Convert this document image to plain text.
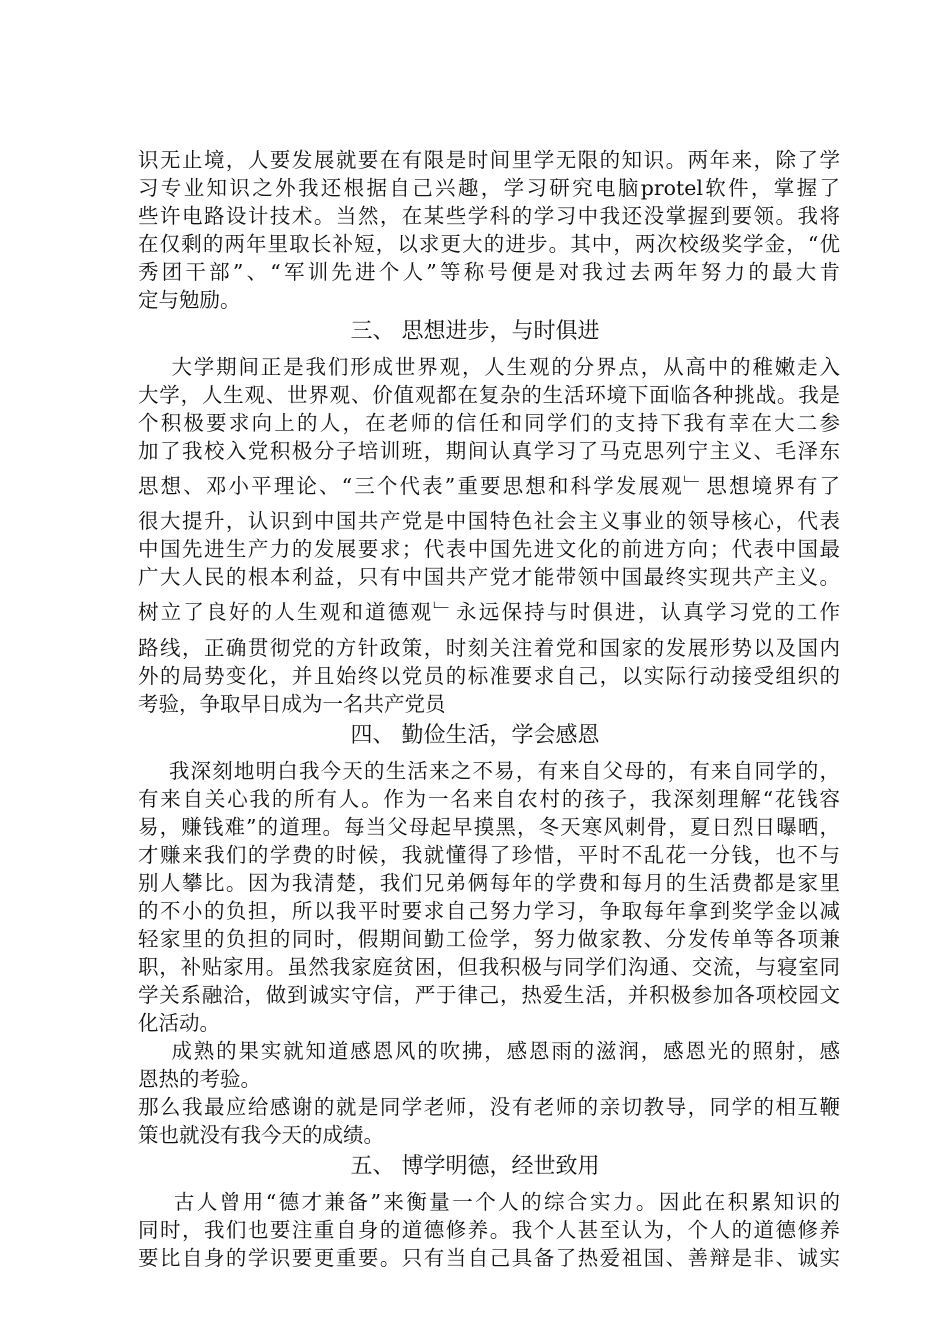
识无止境，人要发展就要在有限是时间里学无限的知识。两年来，除了学
习专业知识之外我还根据自己兴趣，学习研究电脑protel软件，掌握了
些许电路设计技术。当然，在某些学科的学习中我还没掌握到要领。我将
在仅剩的两年里取长补短，以求更大的进步。其中，两次校级奖学金，“优
秀团干部”、“军训先进个人”等称号便是对我过去两年努力的最大肯
定与勉励。
三、 思想进步，与时俱进
大学期间正是我们形成世界观，人生观的分界点，从高中的稚嫩走入
大学，人生观、世界观、价值观都在复杂的生活环境下面临各种挑战。我是
个积极要求向上的人，在老师的信任和同学们的支持下我有幸在大二参
加了我校入党积极分子培训班，期间认真学习了马克思列宁主义、毛泽东
思想、邓小平理论、“三个代表”重要思想和科学发展观﹂思想境界有了
很大提升，认识到中国共产党是中国特色社会主义事业的领导核心，代表
中国先进生产力的发展要求；代表中国先进文化的前进方向；代表中国最
广大人民的根本利益，只有中国共产党才能带领中国最终实现共产主义。
树立了良好的人生观和道德观﹂永远保持与时俱进，认真学习党的工作
路线，正确贯彻党的方针政策，时刻关注着党和国家的发展形势以及国内
外的局势变化，并且始终以党员的标准要求自己，以实际行动接受组织的
考验，争取早日成为一名共产党员
四、 勤俭生活，学会感恩
我深刻地明白我今天的生活来之不易，有来自父母的，有来自同学的，
有来自关心我的所有人。作为一名来自农村的孩子，我深刻理解“花钱容
易，赚钱难”的道理。每当父母起早摸黑，冬天寒风刺骨，夏日烈日曝晒，
才赚来我们的学费的时候，我就懂得了珍惜，平时不乱花一分钱，也不与
别人攀比。因为我清楚，我们兄弟俩每年的学费和每月的生活费都是家里
的不小的负担，所以我平时要求自己努力学习，争取每年拿到奖学金以减
轻家里的负担的同时，假期间勤工俭学，努力做家教、分发传单等各项兼
职，补贴家用。虽然我家庭贫困，但我积极与同学们沟通、交流，与寝室同
学关系融洽，做到诚实守信，严于律己，热爱生活，并积极参加各项校园文
化活动。
成熟的果实就知道感恩风的吹拂，感恩雨的滋润，感恩光的照射，感
恩热的考验。
那么我最应给感谢的就是同学老师，没有老师的亲切教导，同学的相互鞭
策也就没有我今天的成绩。
五、 博学明德，经世致用
古人曾用“德才兼备”来衡量一个人的综合实力。因此在积累知识的
同时，我们也要注重自身的道德修养。我个人甚至认为，个人的道德修养
要比自身的学识要更重要。只有当自己具备了热爱祖国、善辩是非、诚实
